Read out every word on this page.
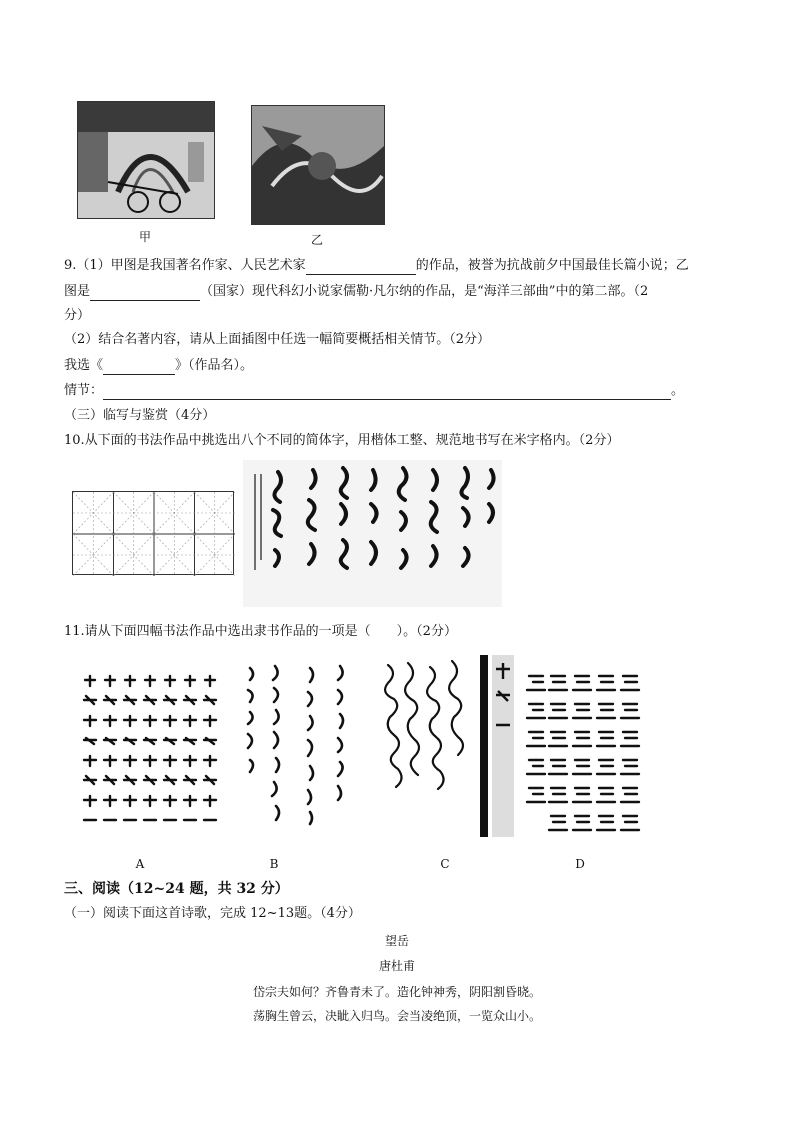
甲	乙
9.（1）甲图是我国著名作家、人民艺术家	的作品，被誉为抗战前夕中国最佳长篇小说；乙
图是	（国家）现代科幻小说家儒勒·凡尔纳的作品，是“海洋三部曲”中的第二部。（2
分）
（2）结合名著内容，请从上面插图中任选一幅简要概括相关情节。（2分）
我选《	》（作品名）。
情节：	。
（三）临写与鉴赏（4分）
10.从下面的书法作品中挑选出八个不同的简体字，用楷体工整、规范地书写在米字格内。（2分）
11.请从下面四幅书法作品中选出隶书作品的一项是（　　）。（2分）
A	B	C	D
三、阅读（12~24 题，共 32 分）
（一）阅读下面这首诗歌，完成 12~13题。（4分）
望岳
唐杜甫
岱宗夫如何？齐鲁青未了。造化钟神秀，阴阳割昏晓。
荡胸生曾云，决眦入归鸟。会当凌绝顶，一览众山小。
